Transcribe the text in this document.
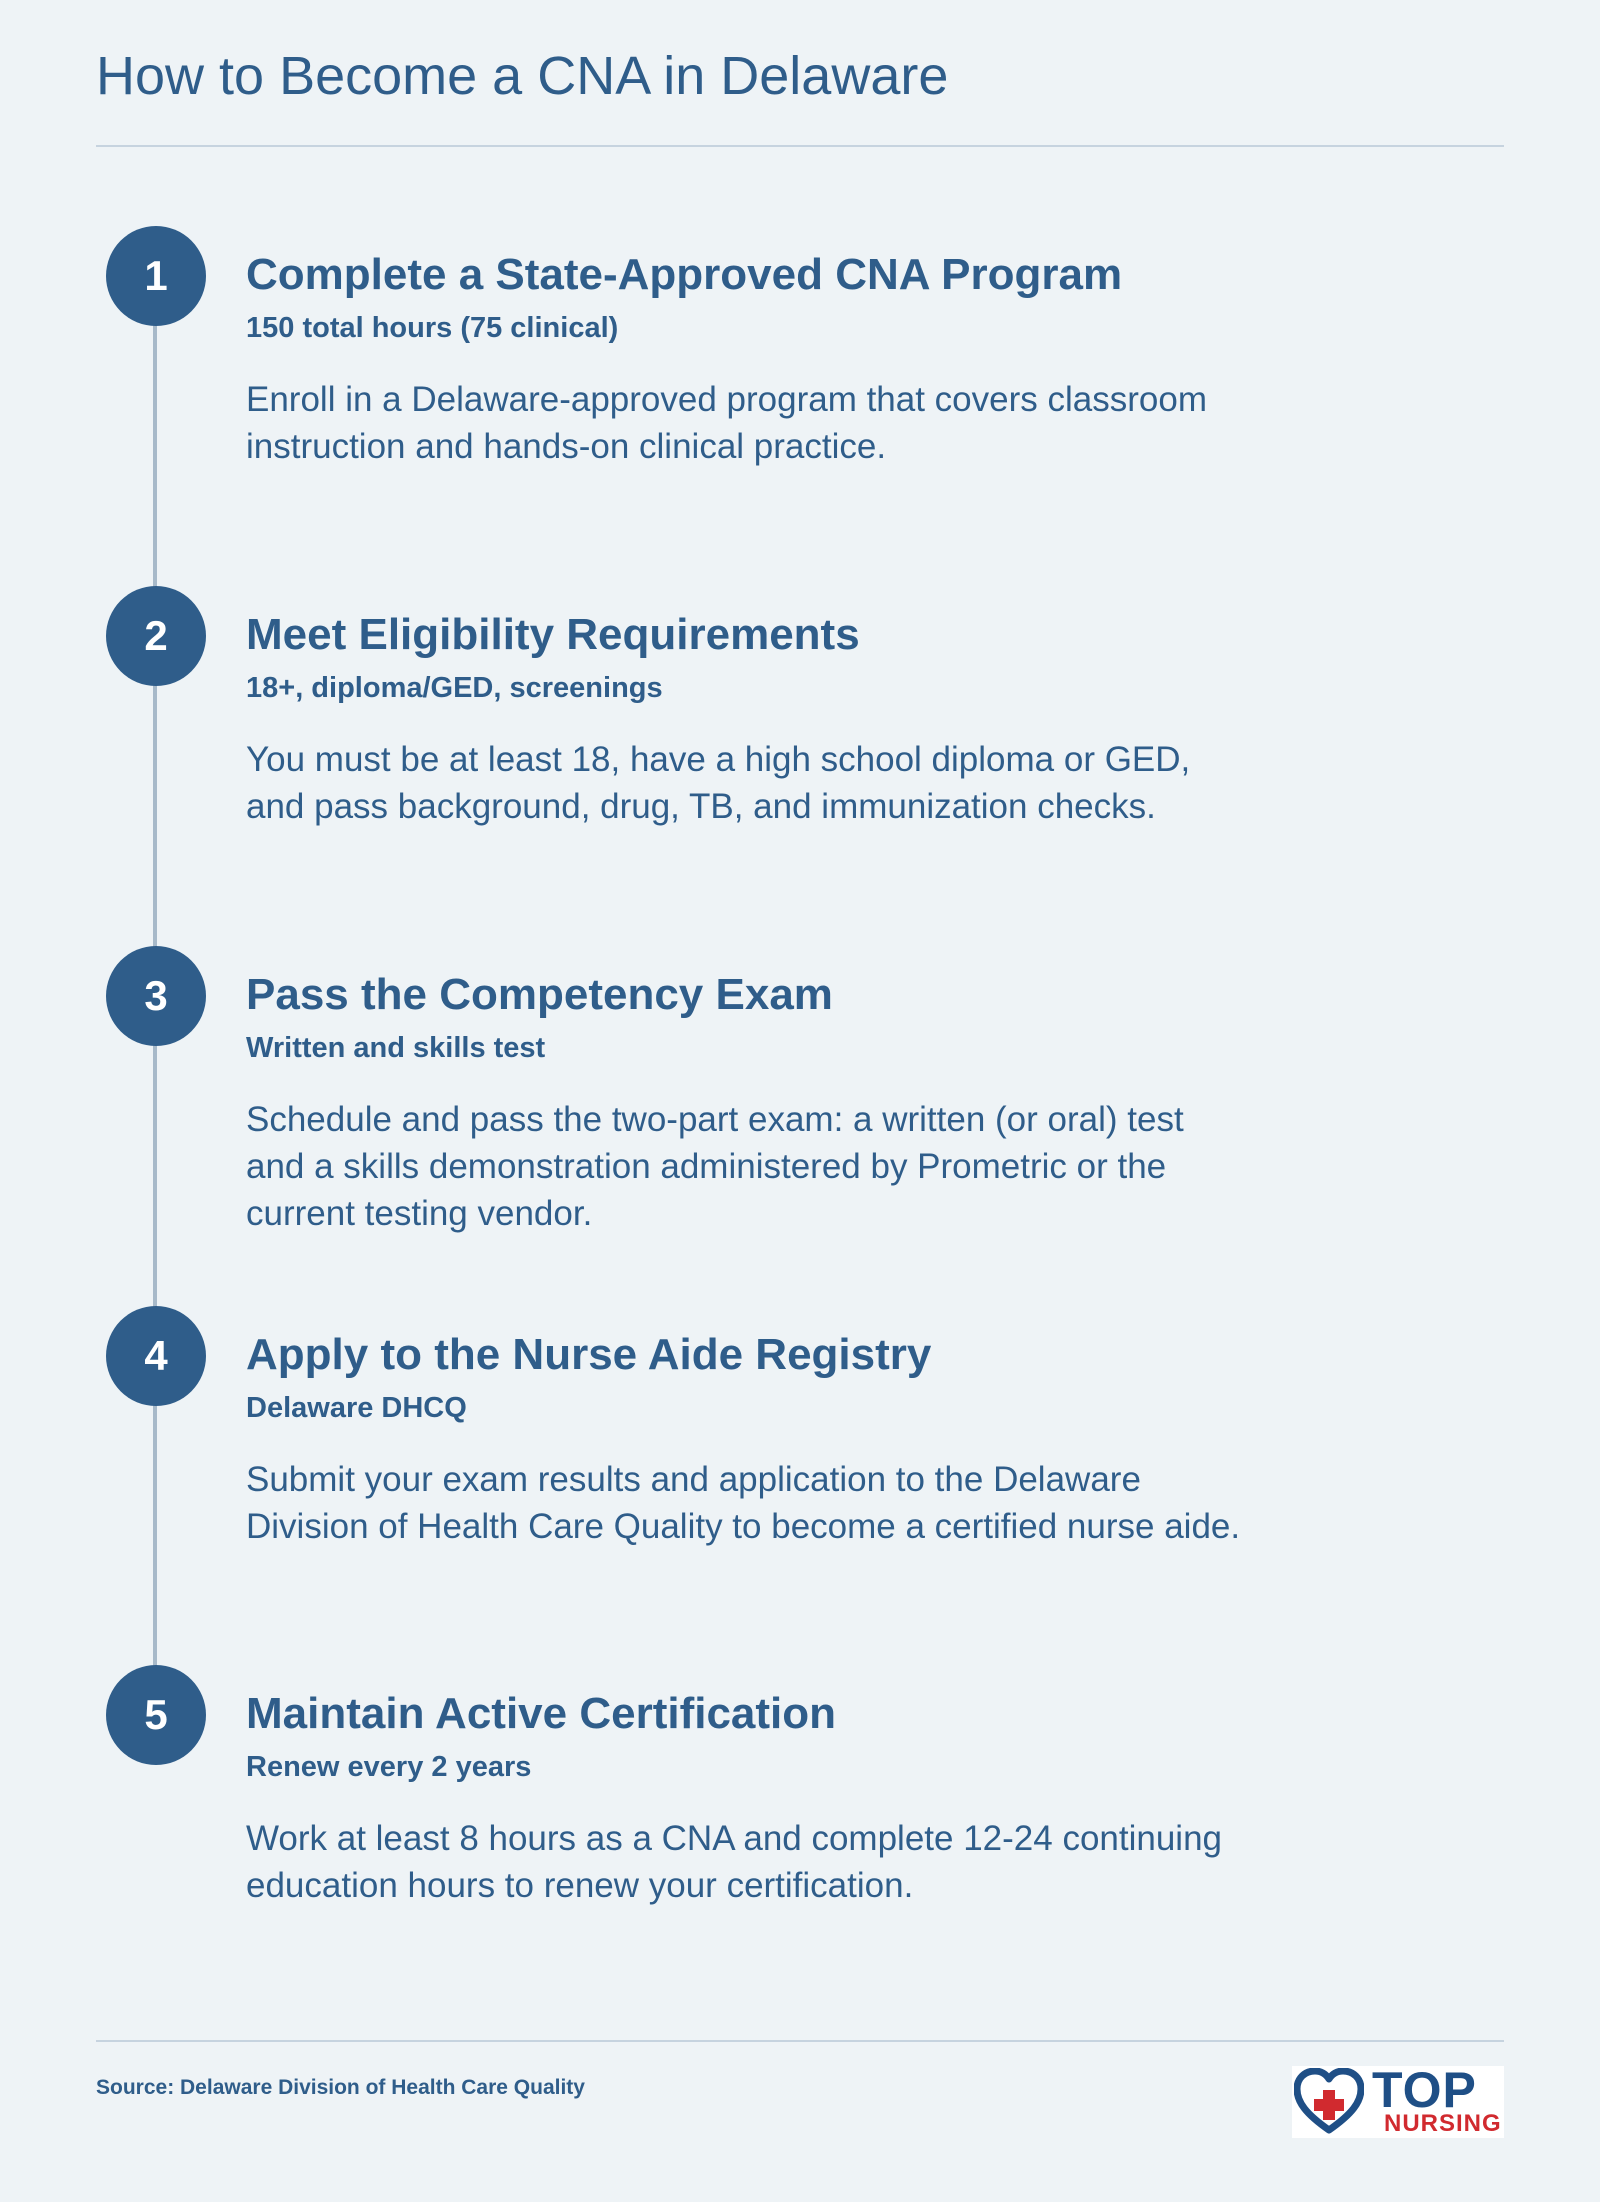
How to Become a CNA in Delaware
1	Complete a State-Approved CNA Program
150 total hours (75 clinical)

Enroll in a Delaware-approved program that covers classroom instruction and hands-on clinical practice.

2	Meet Eligibility Requirements
18+, diploma/GED, screenings

You must be at least 18, have a high school diploma or GED, and pass background, drug, TB, and immunization checks.

3	Pass the Competency Exam
Written and skills test

Schedule and pass the two-part exam: a written (or oral) test and a skills demonstration administered by Prometric or the current testing vendor.

4	Apply to the Nurse Aide Registry
Delaware DHCQ

Submit your exam results and application to the Delaware Division of Health Care Quality to become a certified nurse aide.

5	Maintain Active Certification
Renew every 2 years

Work at least 8 hours as a CNA and complete 12-24 continuing education hours to renew your certification.

Source: Delaware Division of Health Care Quality	TOP
NURSING
